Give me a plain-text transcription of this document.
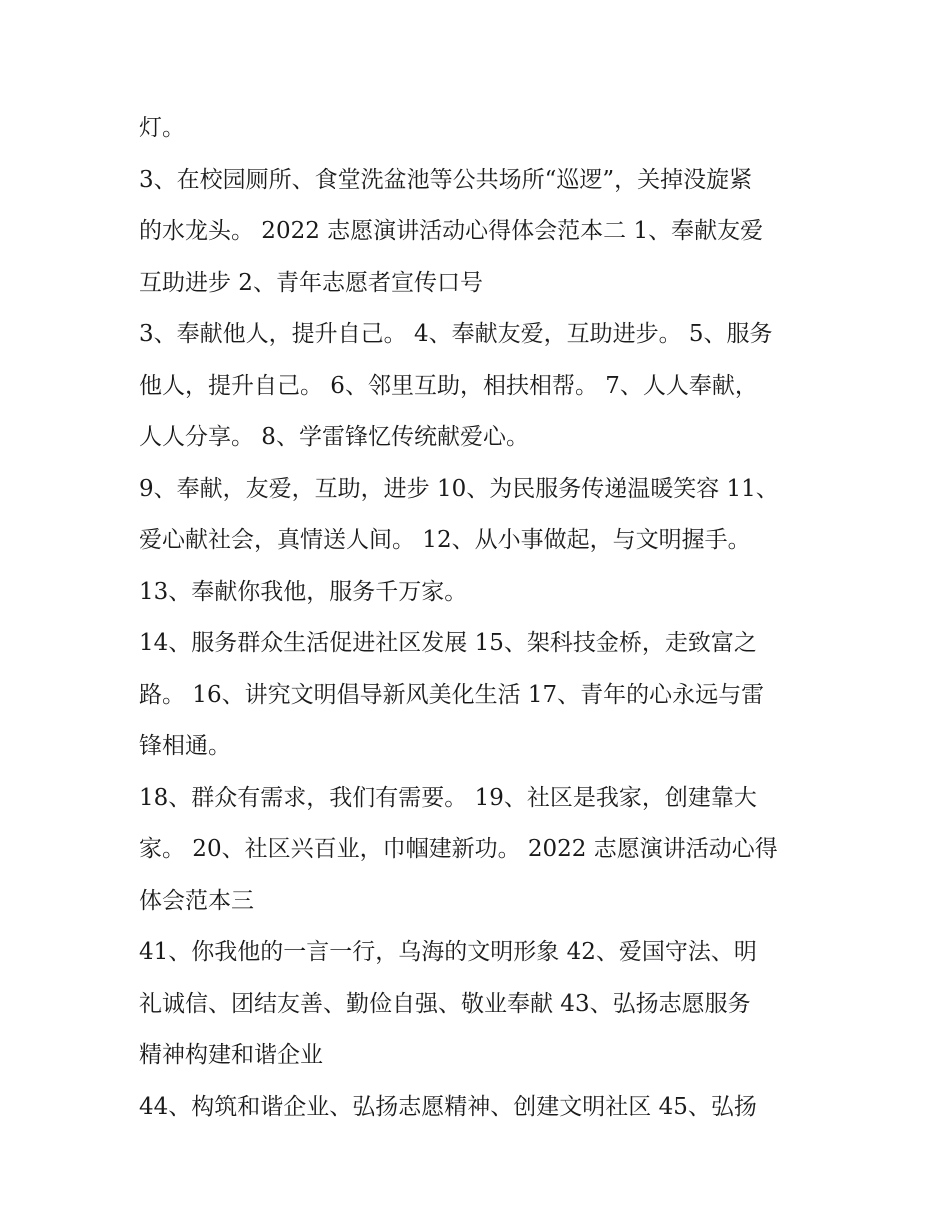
灯。

3、在校园厕所、食堂洗盆池等公共场所“巡逻”，关掉没旋紧
的水龙头。 2022 志愿演讲活动心得体会范本二 1、奉献友爱
互助进步 2、青年志愿者宣传口号

3、奉献他人，提升自己。 4、奉献友爱，互助进步。 5、服务
他人，提升自己。 6、邻里互助，相扶相帮。 7、人人奉献，
人人分享。 8、学雷锋忆传统献爱心。

9、奉献，友爱，互助，进步 10、为民服务传递温暖笑容 11、
爱心献社会，真情送人间。 12、从小事做起，与文明握手。

13、奉献你我他，服务千万家。

14、服务群众生活促进社区发展 15、架科技金桥，走致富之
路。 16、讲究文明倡导新风美化生活 17、青年的心永远与雷
锋相通。

18、群众有需求，我们有需要。 19、社区是我家，创建靠大
家。 20、社区兴百业，巾帼建新功。 2022 志愿演讲活动心得
体会范本三

41、你我他的一言一行，乌海的文明形象 42、爱国守法、明
礼诚信、团结友善、勤俭自强、敬业奉献 43、弘扬志愿服务
精神构建和谐企业

44、构筑和谐企业、弘扬志愿精神、创建文明社区 45、弘扬
